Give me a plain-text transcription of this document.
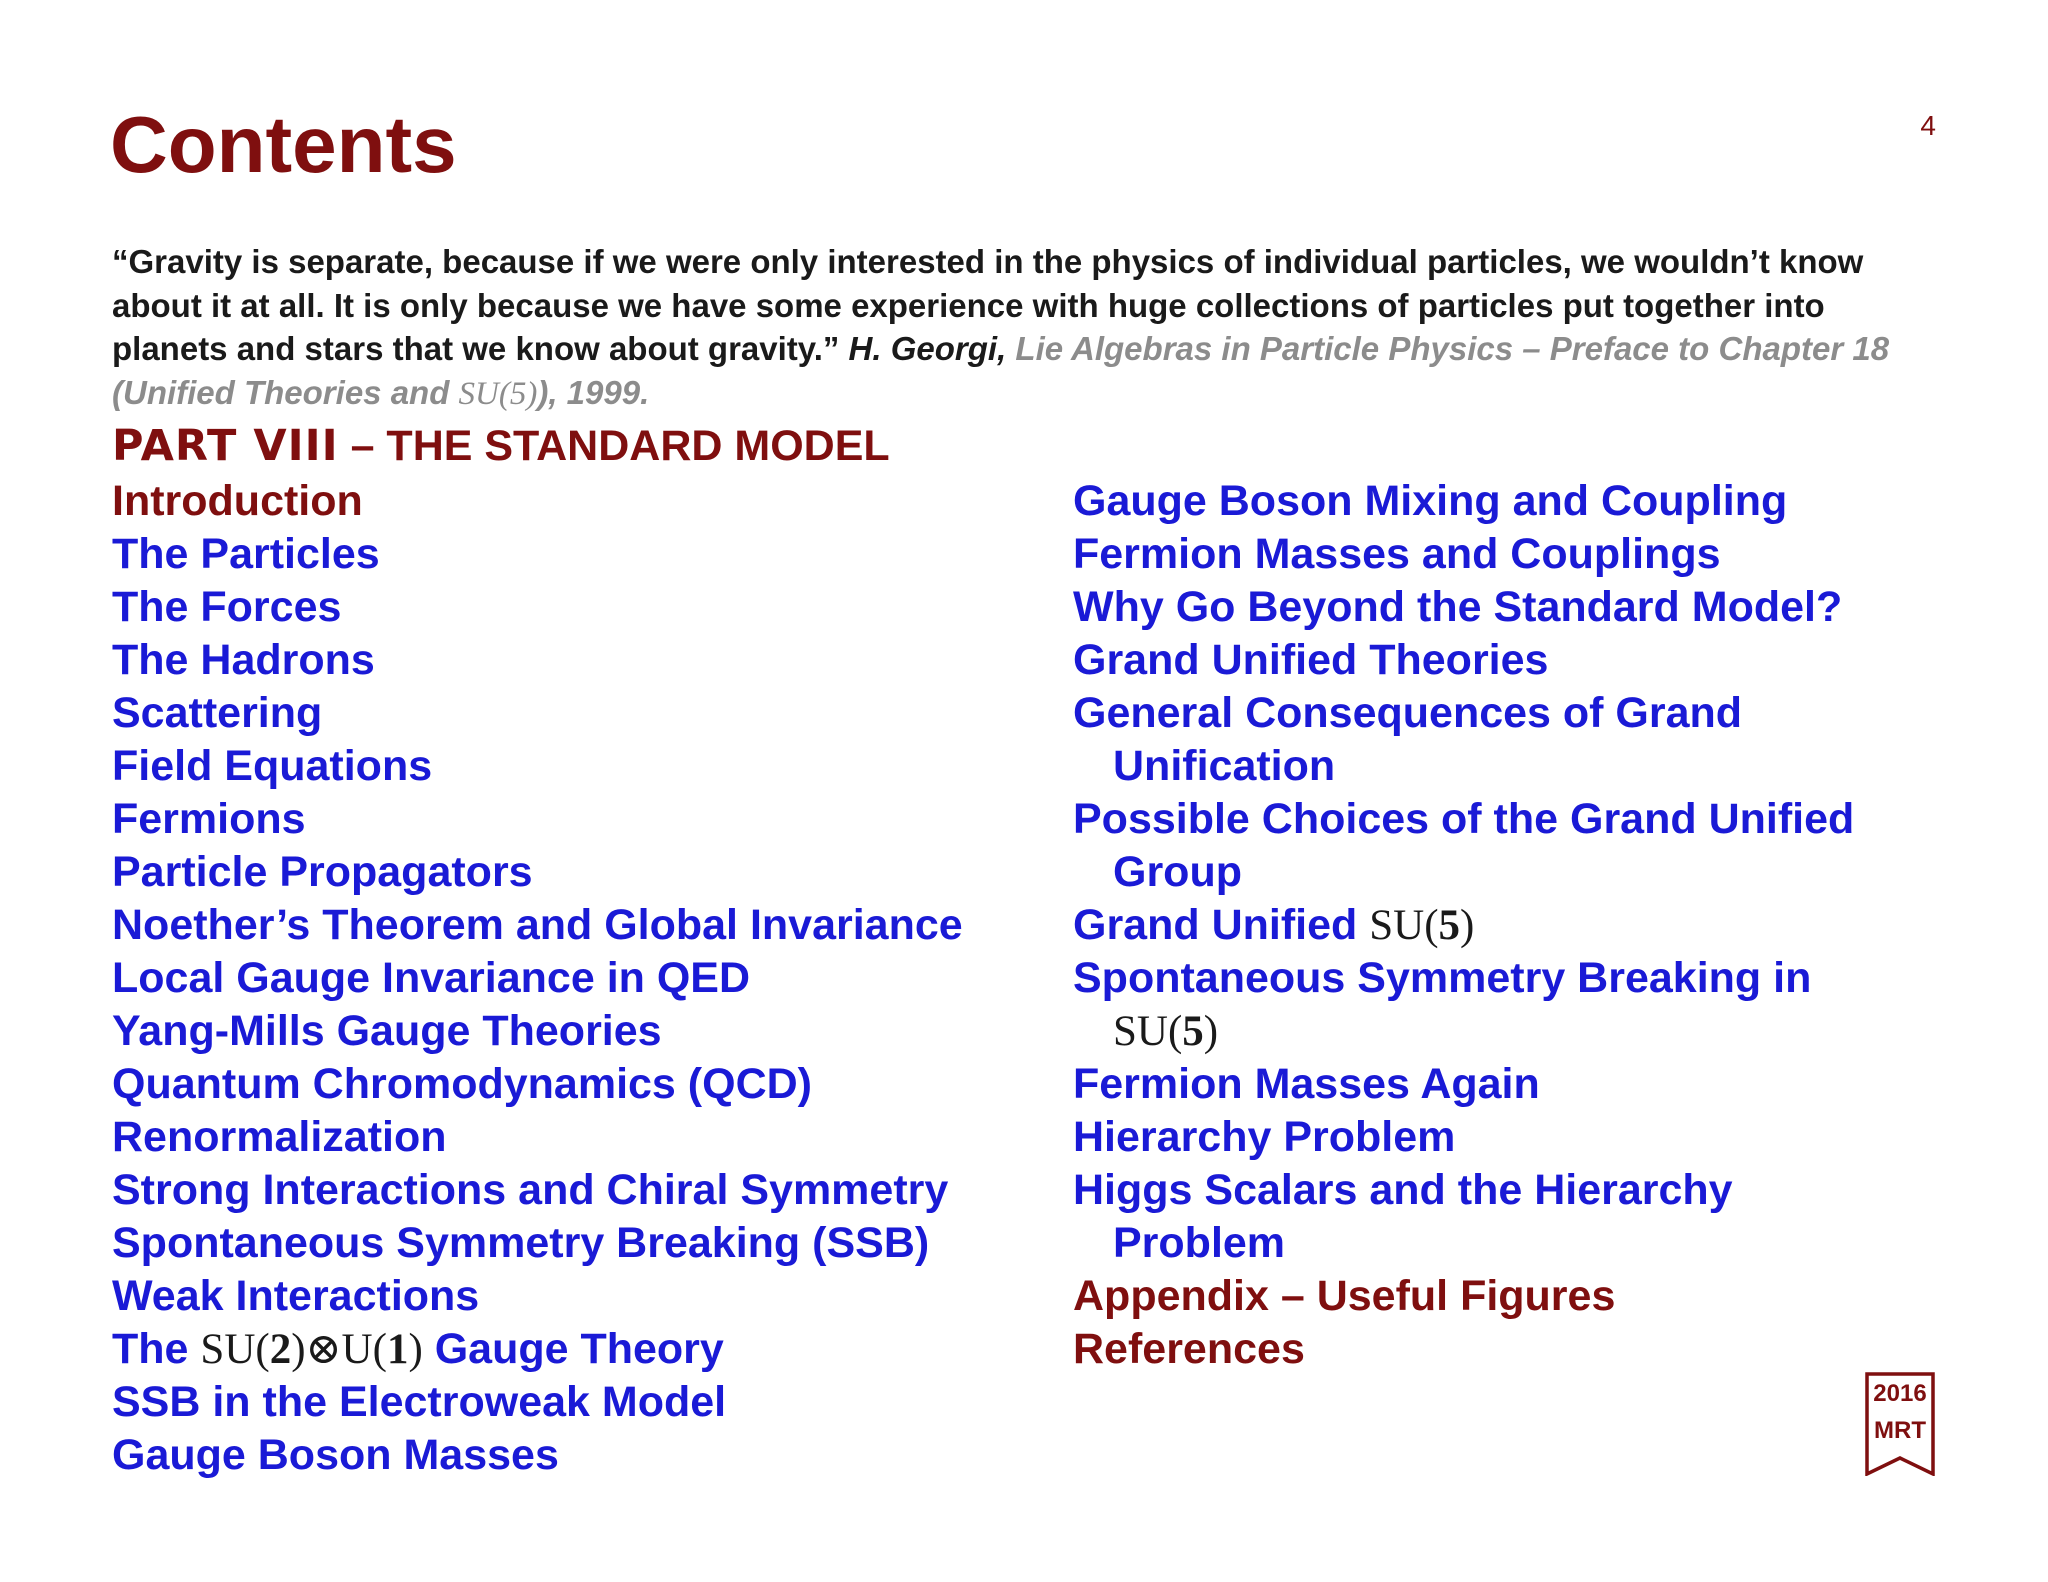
Contents	4
“Gravity is separate, because if we were only interested in the physics of individual particles, we wouldn’t know about it at all. It is only because we have some experience with huge collections of particles put together into planets and stars that we know about gravity.” H. Georgi, Lie Algebras in Particle Physics – Preface to Chapter 18 (Unified Theories and SU(5)), 1999.
PART VIII – THE STANDARD MODEL
Introduction
The Particles
The Forces
The Hadrons
Scattering
Field Equations
Fermions
Particle Propagators
Noether’s Theorem and Global Invariance
Local Gauge Invariance in QED
Yang-Mills Gauge Theories
Quantum Chromodynamics (QCD)
Renormalization
Strong Interactions and Chiral Symmetry
Spontaneous Symmetry Breaking (SSB)
Weak Interactions
The SU(2)⊗U(1) Gauge Theory
SSB in the Electroweak Model
Gauge Boson Masses
Gauge Boson Mixing and Coupling
Fermion Masses and Couplings
Why Go Beyond the Standard Model?
Grand Unified Theories
General Consequences of Grand
Unification
Possible Choices of the Grand Unified
Group
Grand Unified SU(5)
Spontaneous Symmetry Breaking in
SU(5)
Fermion Masses Again
Hierarchy Problem
Higgs Scalars and the Hierarchy
Problem
Appendix – Useful Figures
References
2016
MRT
